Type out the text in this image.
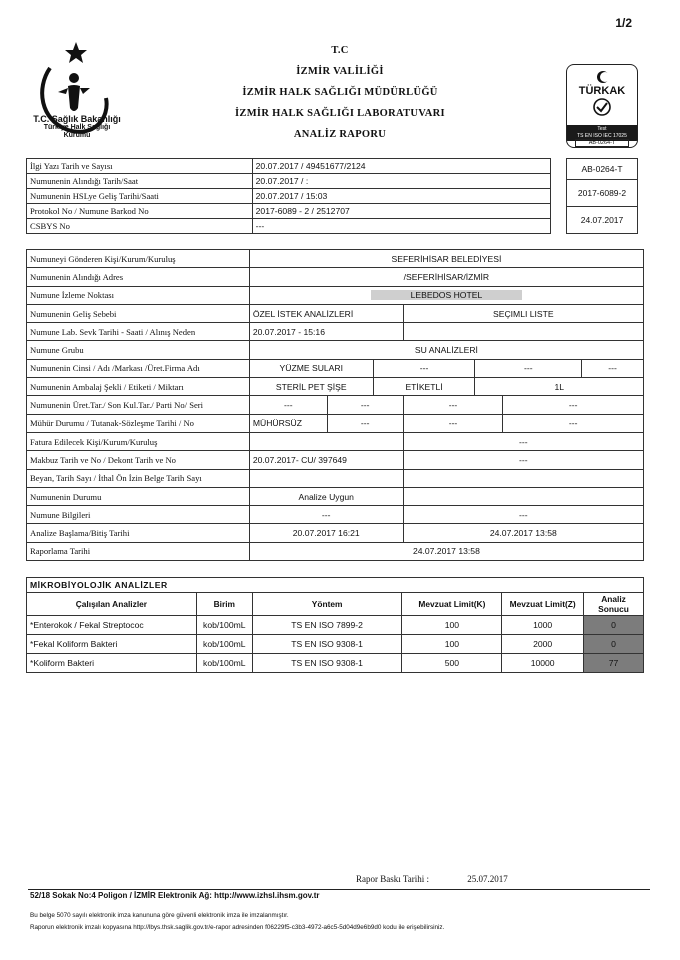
1/2
T.C. Sağlık Bakanlığı
Türkiye Halk Sağlığı
Kurumu
T.C
İZMİR VALİLİĞİ
İZMİR HALK SAĞLIĞI MÜDÜRLÜĞÜ
İZMİR HALK SAĞLIĞI LABORATUVARI
ANALİZ RAPORU
TÜRKAK
Test
TS EN ISO IEC 17025
AB-0264-T
İlgi Yazı Tarih ve Sayısı	20.07.2017 / 49451677/2124
Numunenin Alındığı Tarih/Saat	20.07.2017 / :
Numunenin HSLye Geliş Tarihi/Saati	20.07.2017 / 15:03
Protokol No / Numune Barkod No	2017-6089 - 2 / 2512707
CSBYS No	---
AB-0264-T
2017-6089-2
24.07.2017
Numuneyi Gönderen Kişi/Kurum/Kuruluş	SEFERİHİSAR BELEDİYESİ						
Numunenin Alındığı Adres	/SEFERİHİSAR/İZMİR						
Numune İzleme Noktası	LEBEDOS HOTEL						
Numunenin Geliş Sebebi	ÖZEL İSTEK ANALİZLERİ			SEÇIMLI LISTE			
Numune Lab. Sevk Tarihi - Saati / Alınış Neden	20.07.2017 - 15:16						
Numune Grubu	SU ANALİZLERİ						
Numunenin Cinsi / Adı /Markası /Üret.Firma Adı	YÜZME SULARI		---		---		---
Numunenin Ambalaj Şekli / Etiketi / Miktarı	STERİL PET ŞİŞE		ETİKETLİ		1L		
Numunenin Üret.Tar./ Son Kul.Tar./ Parti No/ Seri	---	---		---		---	
Mühür Durumu / Tutanak-Sözleşme Tarihi / No	MÜHÜRSÜZ	---		---		---	
Fatura Edilecek Kişi/Kurum/Kuruluş				---			
Makbuz Tarih ve No / Dekont Tarih ve No	20.07.2017- CU/ 397649			---			
Beyan, Tarih Sayı / İthal Ön İzin Belge Tarih Sayı							
Numunenin Durumu	Analize Uygun						
Numune Bilgileri	---			---			
Analize Başlama/Bitiş Tarihi	20.07.2017 16:21			24.07.2017 13:58			
Raporlama Tarihi	24.07.2017 13:58						
MİKROBİYOLOJİK ANALİZLER					
Çalışılan Analizler	Birim	Yöntem	Mevzuat Limit(K)	Mevzuat Limit(Z)	Analiz Sonucu
*Enterokok / Fekal Streptococ	kob/100mL	TS EN ISO 7899-2	100	1000	0
*Fekal Koliform Bakteri	kob/100mL	TS EN ISO 9308-1	100	2000	0
*Koliform Bakteri	kob/100mL	TS EN ISO 9308-1	500	10000	77
Rapor Baskı Tarihi :	25.07.2017
52/18 Sokak No:4 Poligon / İZMİR Elektronik Ağ: http://www.izhsl.ihsm.gov.tr
Bu belge 5070 sayılı elektronik imza kanununa göre güvenli elektronik imza ile imzalanmıştır.
Raporun elektronik imzalı kopyasına http://lbys.thsk.saglik.gov.tr/e-rapor adresinden f06229f5-c3b3-4972-a6c5-5d04d9e6b9d0 kodu ile erişebilirsiniz.
